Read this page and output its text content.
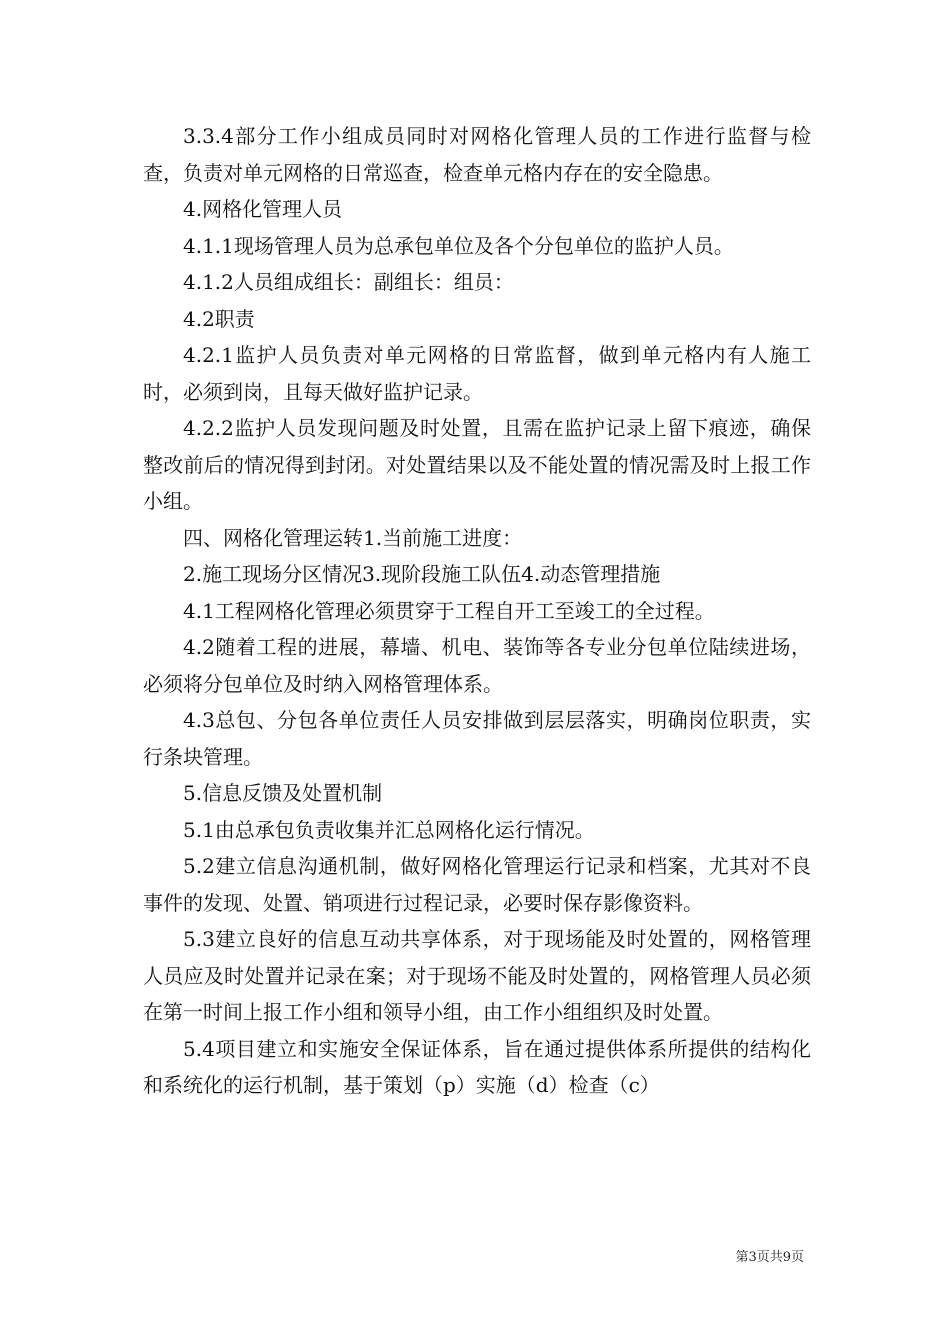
3.3.4部分工作小组成员同时对网格化管理人员的工作进行监督与检查，负责对单元网格的日常巡查，检查单元格内存在的安全隐患。

4.网格化管理人员

4.1.1现场管理人员为总承包单位及各个分包单位的监护人员。

4.1.2人员组成组长：副组长：组员：

4.2职责

4.2.1监护人员负责对单元网格的日常监督，做到单元格内有人施工时，必须到岗，且每天做好监护记录。

4.2.2监护人员发现问题及时处置，且需在监护记录上留下痕迹，确保整改前后的情况得到封闭。对处置结果以及不能处置的情况需及时上报工作小组。

四、网格化管理运转1.当前施工进度：

2.施工现场分区情况3.现阶段施工队伍4.动态管理措施

4.1工程网格化管理必须贯穿于工程自开工至竣工的全过程。

4.2随着工程的进展，幕墙、机电、装饰等各专业分包单位陆续进场，必须将分包单位及时纳入网格管理体系。

4.3总包、分包各单位责任人员安排做到层层落实，明确岗位职责，实行条块管理。

5.信息反馈及处置机制

5.1由总承包负责收集并汇总网格化运行情况。

5.2建立信息沟通机制，做好网格化管理运行记录和档案，尤其对不良事件的发现、处置、销项进行过程记录，必要时保存影像资料。

5.3建立良好的信息互动共享体系，对于现场能及时处置的，网格管理人员应及时处置并记录在案；对于现场不能及时处置的，网格管理人员必须在第一时间上报工作小组和领导小组，由工作小组组织及时处置。

5.4项目建立和实施安全保证体系，旨在通过提供体系所提供的结构化和系统化的运行机制，基于策划（p）实施（d）检查（c）

第3页共9页
